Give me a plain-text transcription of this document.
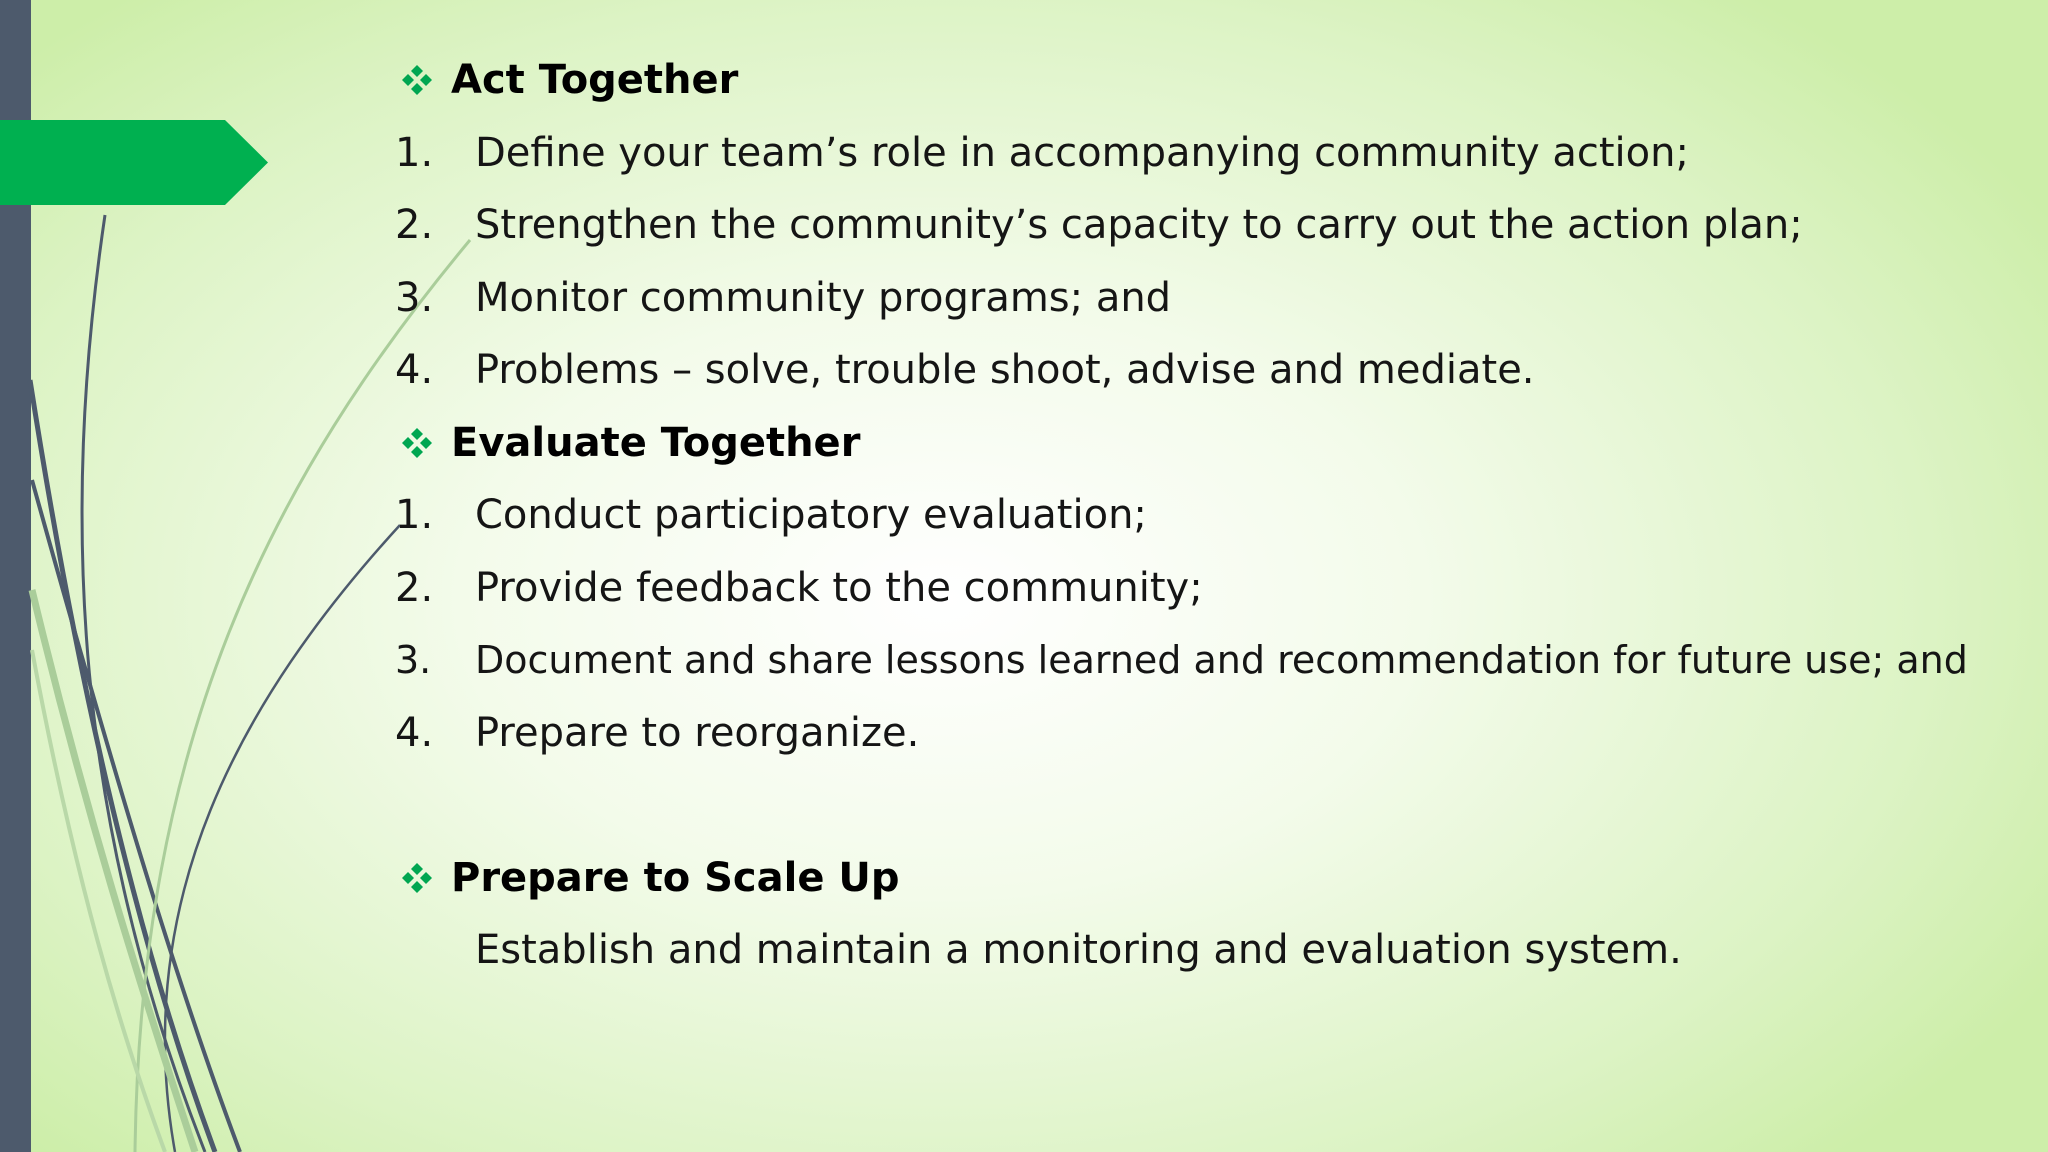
Act Together
1.	Define your team’s role in accompanying community action;
2.	Strengthen the community’s capacity to carry out the action plan;
3.	Monitor community programs; and
4.	Problems – solve, trouble shoot, advise and mediate.
Evaluate Together
1.	Conduct participatory evaluation;
2.	Provide feedback to the community;
3.	Document and share lessons learned and recommendation for future use; and
4.	Prepare to reorganize.
Prepare to Scale Up
Establish and maintain a monitoring and evaluation system.
